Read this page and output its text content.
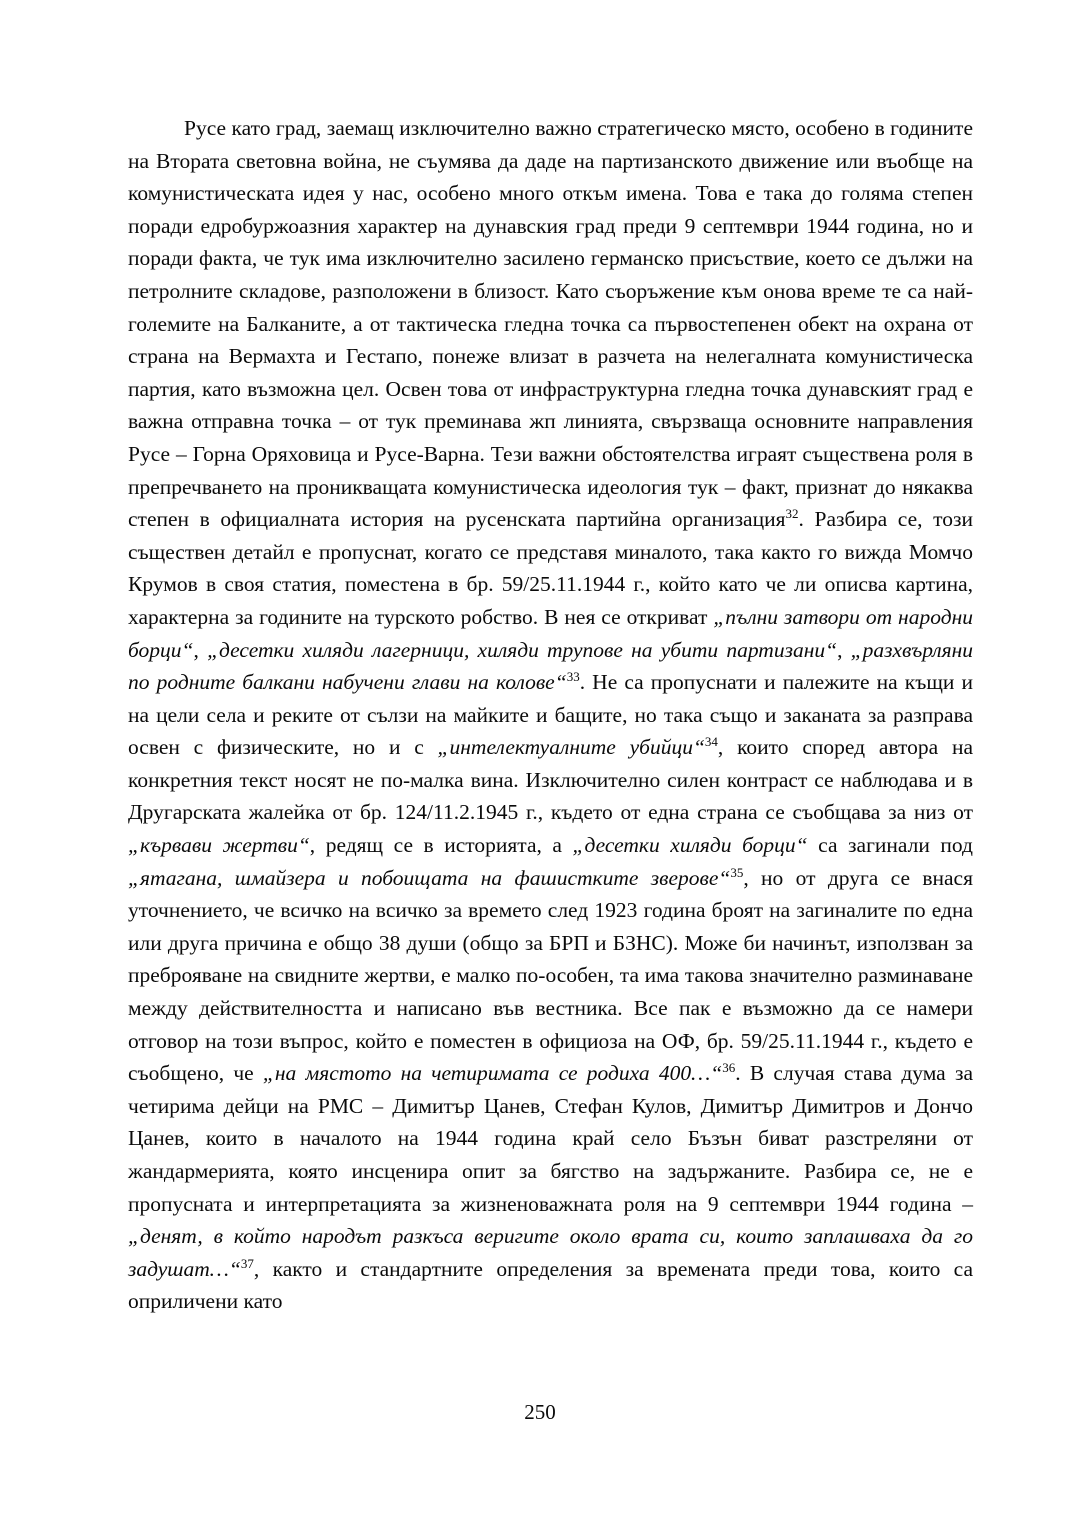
Русе като град, заемащ изключително важно стратегическо място, особено в годините на Втората световна война, не съумява да даде на партизанското движение или въобще на комунистическата идея у нас, особено много откъм имена. Това е така до голяма степен поради едробуржоазния характер на дунавския град преди 9 септември 1944 година, но и поради факта, че тук има изключително засилено германско присъствие, което се дължи на петролните складове, разположени в близост. Като съоръжение към онова време те са най-големите на Балканите, а от тактическа гледна точка са първостепенен обект на охрана от страна на Вермахта и Гестапо, понеже влизат в разчета на нелегалната комунистическа партия, като възможна цел. Освен това от инфраструктурна гледна точка дунавският град е важна отправна точка – от тук преминава жп линията, свързваща основните направления Русе – Горна Оряховица и Русе-Варна. Тези важни обстоятелства играят съществена роля в препречването на проникващата комунистическа идеология тук – факт, признат до някаква степен в официалната история на русенската партийна организация$^{32}$. Разбира се, този съществен детайл е пропуснат, когато се представя миналото, така както го вижда Момчо Крумов в своя статия, поместена в бр. 59/25.11.1944 г., който като че ли описва картина, характерна за годините на турското робство. В нея се откриват „пълни затвори от народни борци“, „десетки хиляди лагерници, хиляди трупове на убити партизани“, „разхвърляни по родните балкани набучени глави на колове“$^{33}$. Не са пропуснати и палежите на къщи и на цели села и реките от сълзи на майките и бащите, но така също и заканата за разправа освен с физическите, но и с „интелектуалните убийци“$^{34}$, които според автора на конкретния текст носят не по-малка вина. Изключително силен контраст се наблюдава и в Другарската жалейка от бр. 124/11.2.1945 г., където от една страна се съобщава за низ от „кървави жертви“, редящ се в историята, а „десетки хиляди борци“ са загинали под „ятагана, шмайзера и побоищата на фашисткитe зверове“$^{35}$, но от друга се внася уточнението, че всичко на всичко за времето след 1923 година броят на загиналите по една или друга причина е общо 38 души (общо за БРП и БЗНС). Може би начинът, използван за преброяване на свидните жертви, е малко по-особен, та има такова значително разминаване между действителността и написано във вестника. Все пак е възможно да се намери отговор на този въпрос, който е поместен в официоза на ОФ, бр. 59/25.11.1944 г., където е съобщено, че „на мястото на четиримата се родиха 400…“$^{36}$. В случая става дума за четирима дейци на РМС – Димитър Цанев, Стефан Кулов, Димитър Димитров и Дончо Цанев, които в началото на 1944 година край село Бъзън биват разстреляни от жандармерията, която инсценира опит за бягство на задържаните. Разбира се, не е пропусната и интерпретацията за жизненоважната роля на 9 септември 1944 година – „денят, в който народът разкъса веригите около врата си, които заплашваха да го задушат…“$^{37}$, както и стандартните определения за времената преди това, които са оприличени като

250
